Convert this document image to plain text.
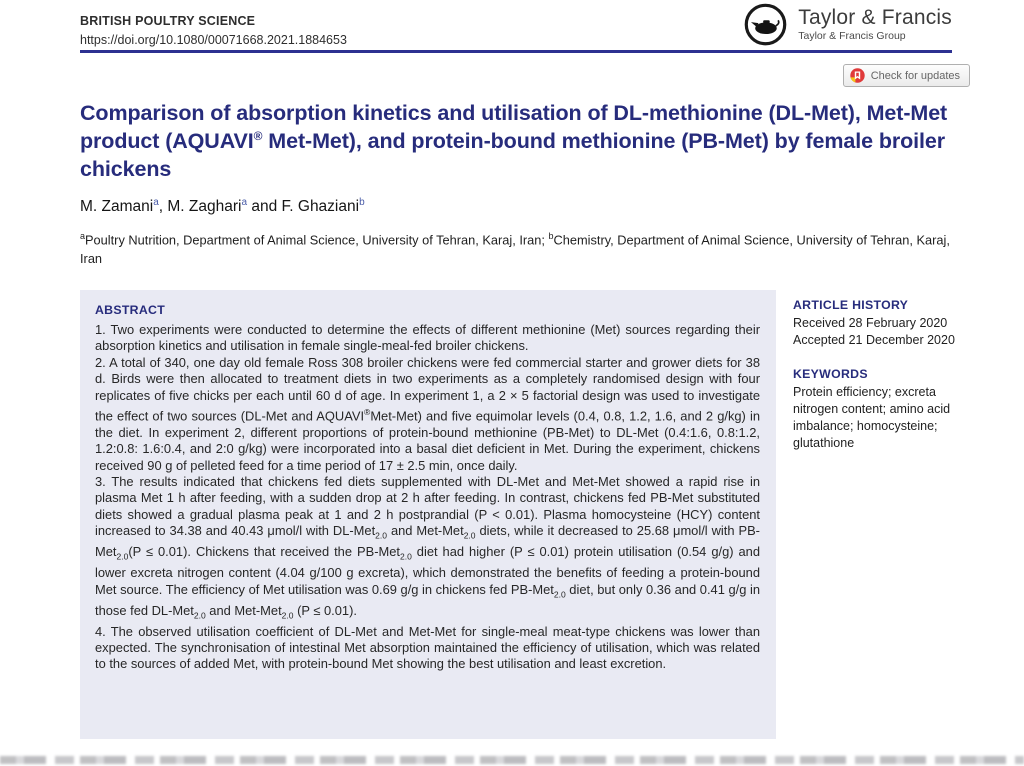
BRITISH POULTRY SCIENCE
https://doi.org/10.1080/00071668.2021.1884653
Taylor & Francis
Taylor & Francis Group
Check for updates
Comparison of absorption kinetics and utilisation of DL-methionine (DL-Met), Met-Met product (AQUAVI® Met-Met), and protein-bound methionine (PB-Met) by female broiler chickens
M. Zamani$^a$, M. Zaghari$^a$ and F. Ghaziani$^b$
$^a$Poultry Nutrition, Department of Animal Science, University of Tehran, Karaj, Iran; $^b$Chemistry, Department of Animal Science, University of Tehran, Karaj, Iran
ABSTRACT

1. Two experiments were conducted to determine the effects of different methionine (Met) sources regarding their absorption kinetics and utilisation in female single-meal-fed broiler chickens.

2. A total of 340, one day old female Ross 308 broiler chickens were fed commercial starter and grower diets for 38 d. Birds were then allocated to treatment diets in two experiments as a completely randomised design with four replicates of five chicks per each until 60 d of age. In experiment 1, a 2 × 5 factorial design was used to investigate the effect of two sources (DL-Met and AQUAVI®Met-Met) and five equimolar levels (0.4, 0.8, 1.2, 1.6, and 2 g/kg) in the diet. In experiment 2, different proportions of protein-bound methionine (PB-Met) to DL-Met (0.4:1.6, 0.8:1.2, 1.2:0.8: 1.6:0.4, and 2:0 g/kg) were incorporated into a basal diet deficient in Met. During the experiment, chickens received 90 g of pelleted feed for a time period of 17 ± 2.5 min, once daily.

3. The results indicated that chickens fed diets supplemented with DL-Met and Met-Met showed a rapid rise in plasma Met 1 h after feeding, with a sudden drop at 2 h after feeding. In contrast, chickens fed PB-Met substituted diets showed a gradual plasma peak at 1 and 2 h postprandial (P < 0.01). Plasma homocysteine (HCY) content increased to 34.38 and 40.43 μmol/l with DL-Met$_{2.0}$ and Met-Met$_{2.0}$ diets, while it decreased to 25.68 μmol/l with PB-Met$_{2.0}$(P ≤ 0.01). Chickens that received the PB-Met$_{2.0}$ diet had higher (P ≤ 0.01) protein utilisation (0.54 g/g) and lower excreta nitrogen content (4.04 g/100 g excreta), which demonstrated the benefits of feeding a protein-bound Met source. The efficiency of Met utilisation was 0.69 g/g in chickens fed PB-Met$_{2.0}$ diet, but only 0.36 and 0.41 g/g in those fed DL-Met$_{2.0}$ and Met-Met$_{2.0}$ (P ≤ 0.01).

4. The observed utilisation coefficient of DL-Met and Met-Met for single-meal meat-type chickens was lower than expected. The synchronisation of intestinal Met absorption maintained the efficiency of utilisation, which was related to the sources of added Met, with protein-bound Met showing the best utilisation and least excretion.

ARTICLE HISTORY

Received 28 February 2020

Accepted 21 December 2020

KEYWORDS

Protein efficiency; excreta nitrogen content; amino acid imbalance; homocysteine; glutathione
